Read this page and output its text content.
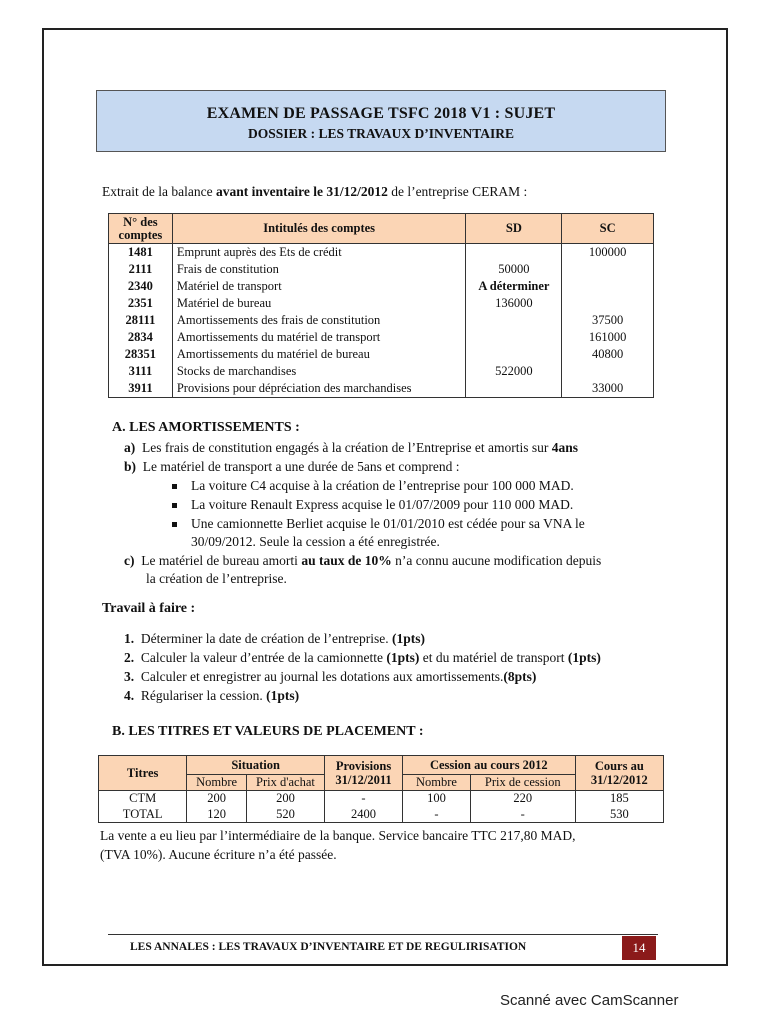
EXAMEN DE PASSAGE TSFC 2018 V1 : SUJET
DOSSIER : LES TRAVAUX D’INVENTAIRE
Extrait de la balance avant inventaire le 31/12/2012 de l’entreprise CERAM :
N° des comptes	Intitulés des comptes	SD	SC
1481	Emprunt auprès des Ets de crédit		100000
2111	Frais de constitution	50000	
2340	Matériel de transport	A déterminer	
2351	Matériel de bureau	136000	
28111	Amortissements des frais de constitution		37500
2834	Amortissements du matériel de transport		161000
28351	Amortissements du matériel de bureau		40800
3111	Stocks de marchandises	522000	
3911	Provisions pour dépréciation des marchandises		33000
A. LES AMORTISSEMENTS :
a) Les frais de constitution engagés à la création de l’Entreprise et amortis sur 4ans
b) Le matériel de transport a une durée de 5ans et comprend :
La voiture C4 acquise à la création de l’entreprise pour 100 000 MAD.
La voiture Renault Express acquise le 01/07/2009 pour 110 000 MAD.
Une camionnette Berliet acquise le 01/01/2010 est cédée pour sa VNA le
30/09/2012. Seule la cession a été enregistrée.
c) Le matériel de bureau amorti au taux de 10% n’a connu aucune modification depuis
la création de l’entreprise.
Travail à faire :
1. Déterminer la date de création de l’entreprise. (1pts)
2. Calculer la valeur d’entrée de la camionnette (1pts) et du matériel de transport (1pts)
3. Calculer et enregistrer au journal les dotations aux amortissements.(8pts)
4. Régulariser la cession. (1pts)
B. LES TITRES ET VALEURS DE PLACEMENT :
Titres	Situation		Provisions 31/12/2011	Cession au cours 2012		Cours au 31/12/2012
	Nombre	Prix d'achat		Nombre	Prix de cession	
CTM	200	200	-	100	220	185
TOTAL	120	520	2400	-	-	530
La vente a eu lieu par l’intermédiaire de la banque. Service bancaire TTC 217,80 MAD,
(TVA 10%). Aucune écriture n’a été passée.
LES ANNALES : LES TRAVAUX D’INVENTAIRE ET DE REGULIRISATION	14
Scanné avec CamScanner
